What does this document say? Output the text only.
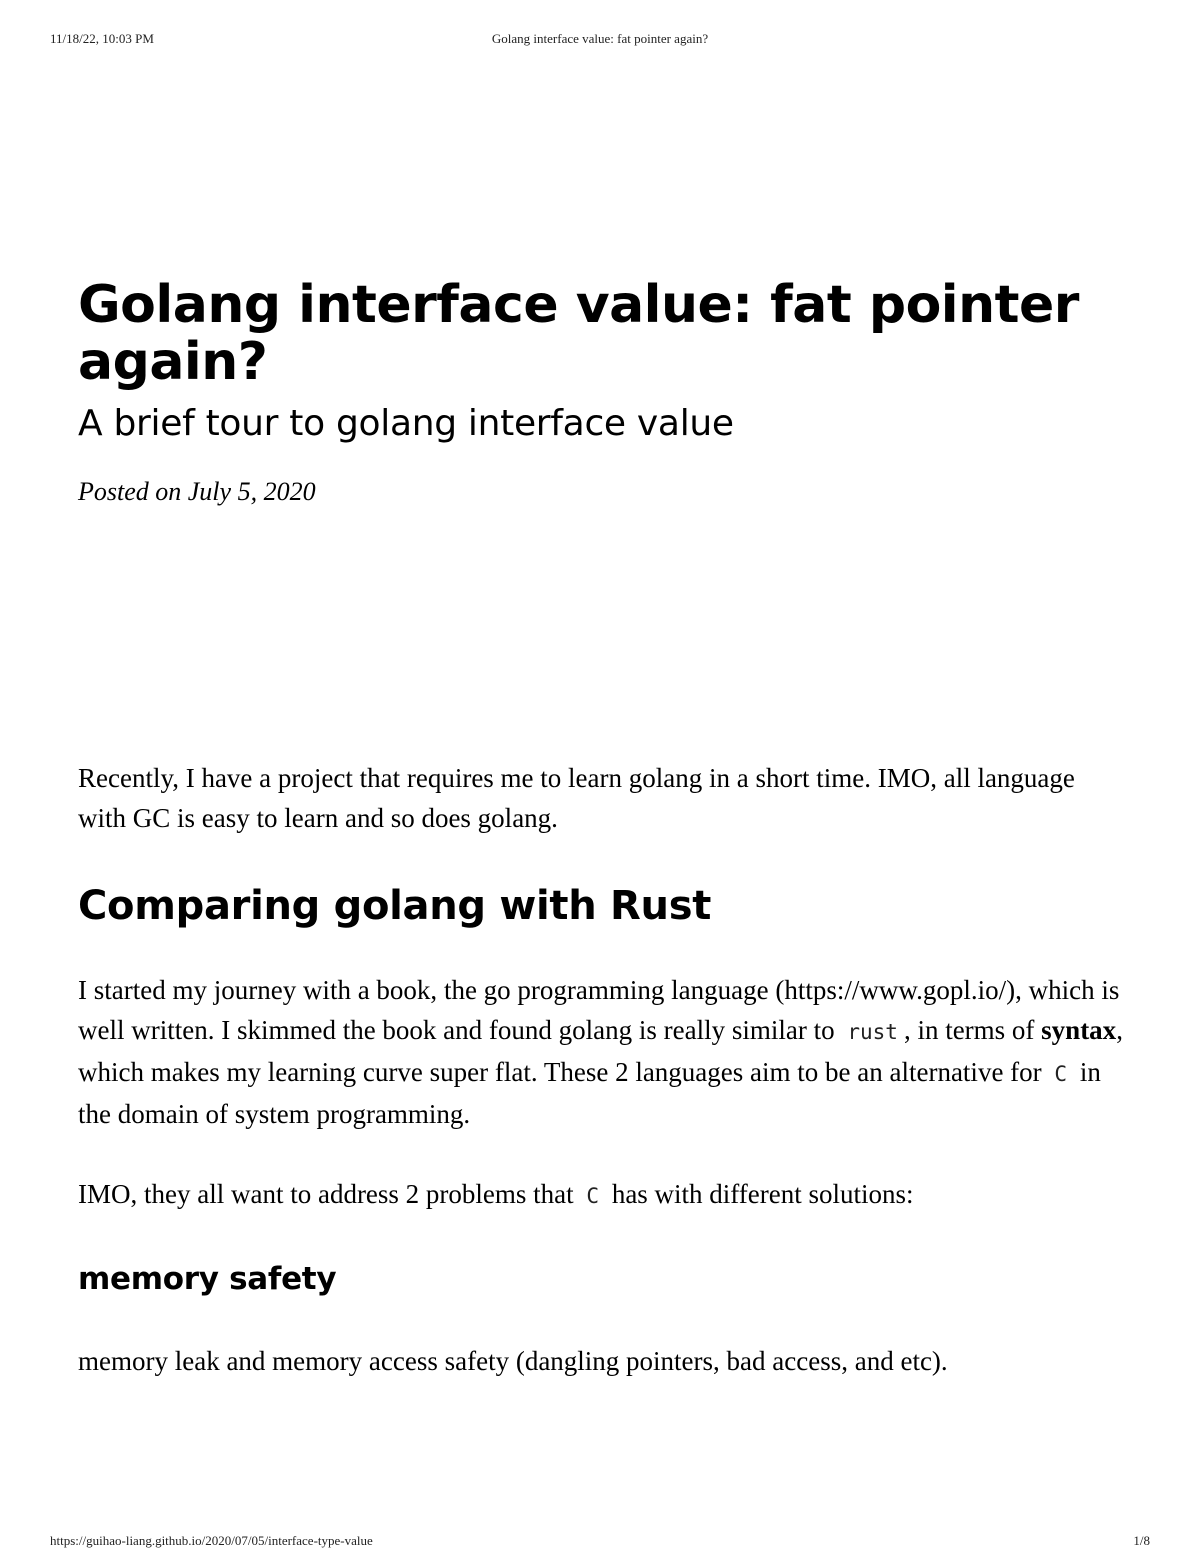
11/18/22, 10:03 PM	Golang interface value: fat pointer again?
Golang interface value: fat pointer again?
A brief tour to golang interface value
Posted on July 5, 2020

Recently, I have a project that requires me to learn golang in a short time. IMO, all language with GC is easy to learn and so does golang.

Comparing golang with Rust

I started my journey with a book, the go programming language (https://www.gopl.io/), which is well written. I skimmed the book and found golang is really similar to rust , in terms of syntax, which makes my learning curve super flat. These 2 languages aim to be an alternative for C in the domain of system programming.

IMO, they all want to address 2 problems that C has with different solutions:

memory safety

memory leak and memory access safety (dangling pointers, bad access, and etc).

https://guihao-liang.github.io/2020/07/05/interface-type-value	1/8
